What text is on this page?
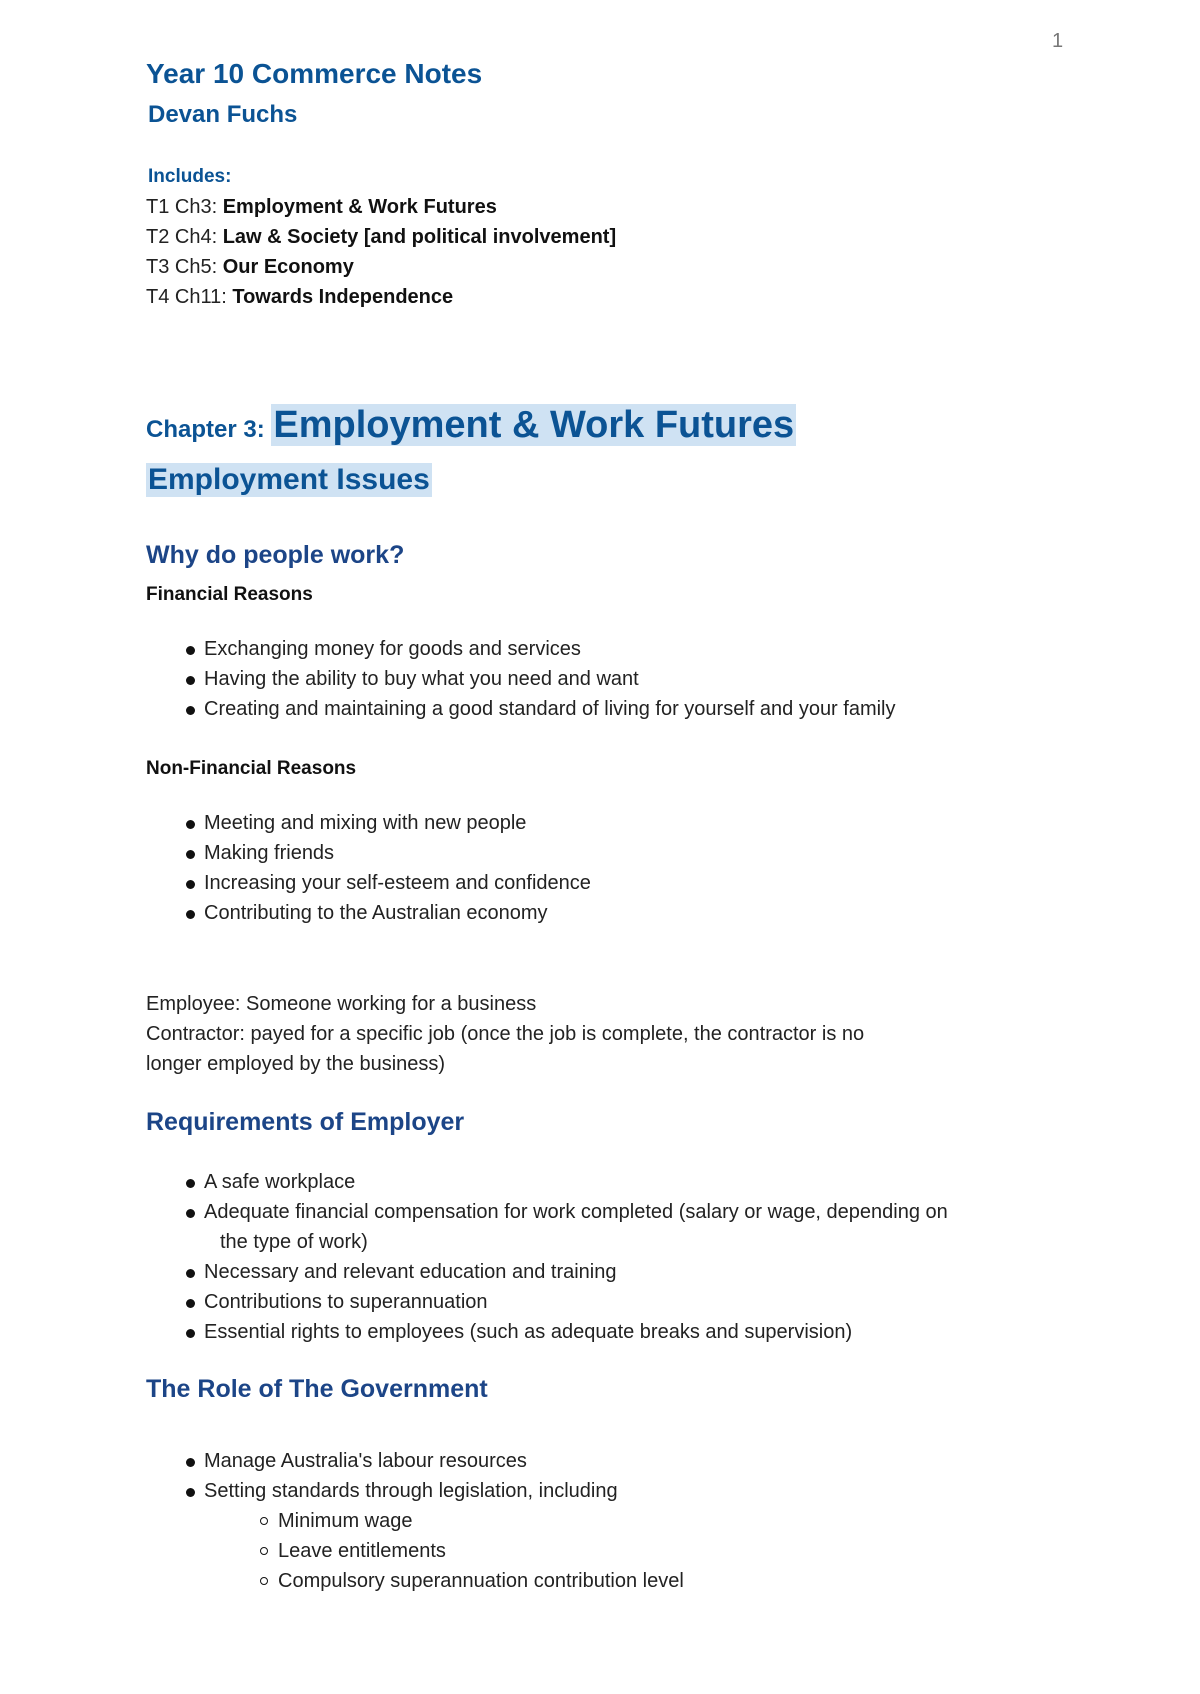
1
Year 10 Commerce Notes
Devan Fuchs
Includes:
T1 Ch3: Employment & Work Futures
T2 Ch4: Law & Society [and political involvement]
T3 Ch5: Our Economy
T4 Ch11: Towards Independence
Chapter 3: Employment & Work Futures
Employment Issues
Why do people work?
Financial Reasons
Exchanging money for goods and services
Having the ability to buy what you need and want
Creating and maintaining a good standard of living for yourself and your family
Non-Financial Reasons
Meeting and mixing with new people
Making friends
Increasing your self-esteem and confidence
Contributing to the Australian economy
Employee: Someone working for a business
Contractor: payed for a specific job (once the job is complete, the contractor is no
longer employed by the business)
Requirements of Employer
A safe workplace
Adequate financial compensation for work completed (salary or wage, depending on
the type of work)
Necessary and relevant education and training
Contributions to superannuation
Essential rights to employees (such as adequate breaks and supervision)
The Role of The Government
Manage Australia's labour resources
Setting standards through legislation, including
Minimum wage
Leave entitlements
Compulsory superannuation contribution level
